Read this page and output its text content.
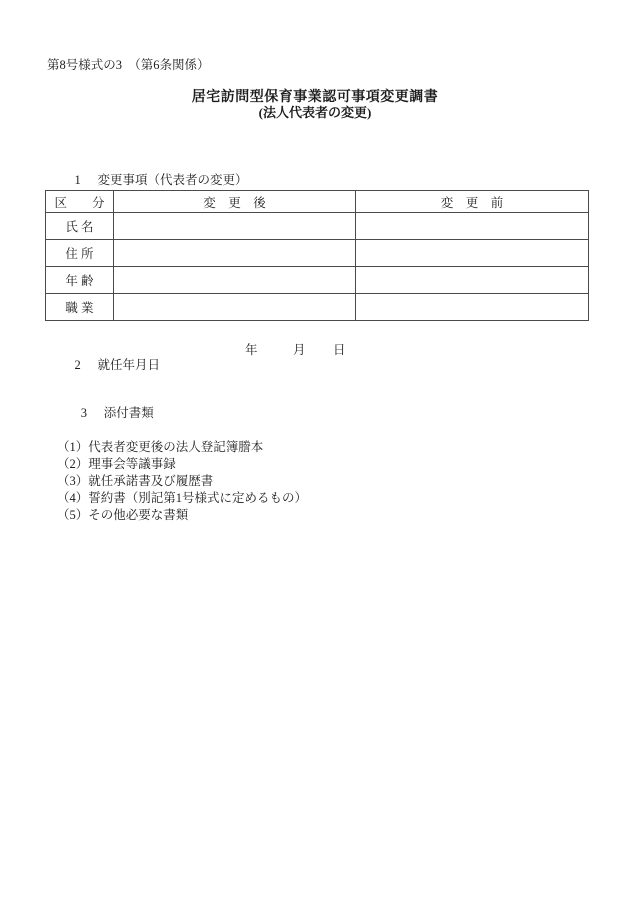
第8号様式の3　（第6条関係）
居宅訪問型保育事業認可事項変更調書
(法人代表者の変更)

1 変更事項（代表者の変更）

区　　分	変　更　後	変　更　前
氏 名		
住 所		
年 齢		
職 業		

2 就任年月日

年

	月

日

3 添付書類

（1）代表者変更後の法人登記簿謄本
（2）理事会等議事録
（3）就任承諾書及び履歴書
（4）誓約書（別記第1号様式に定めるもの）
（5）その他必要な書類
